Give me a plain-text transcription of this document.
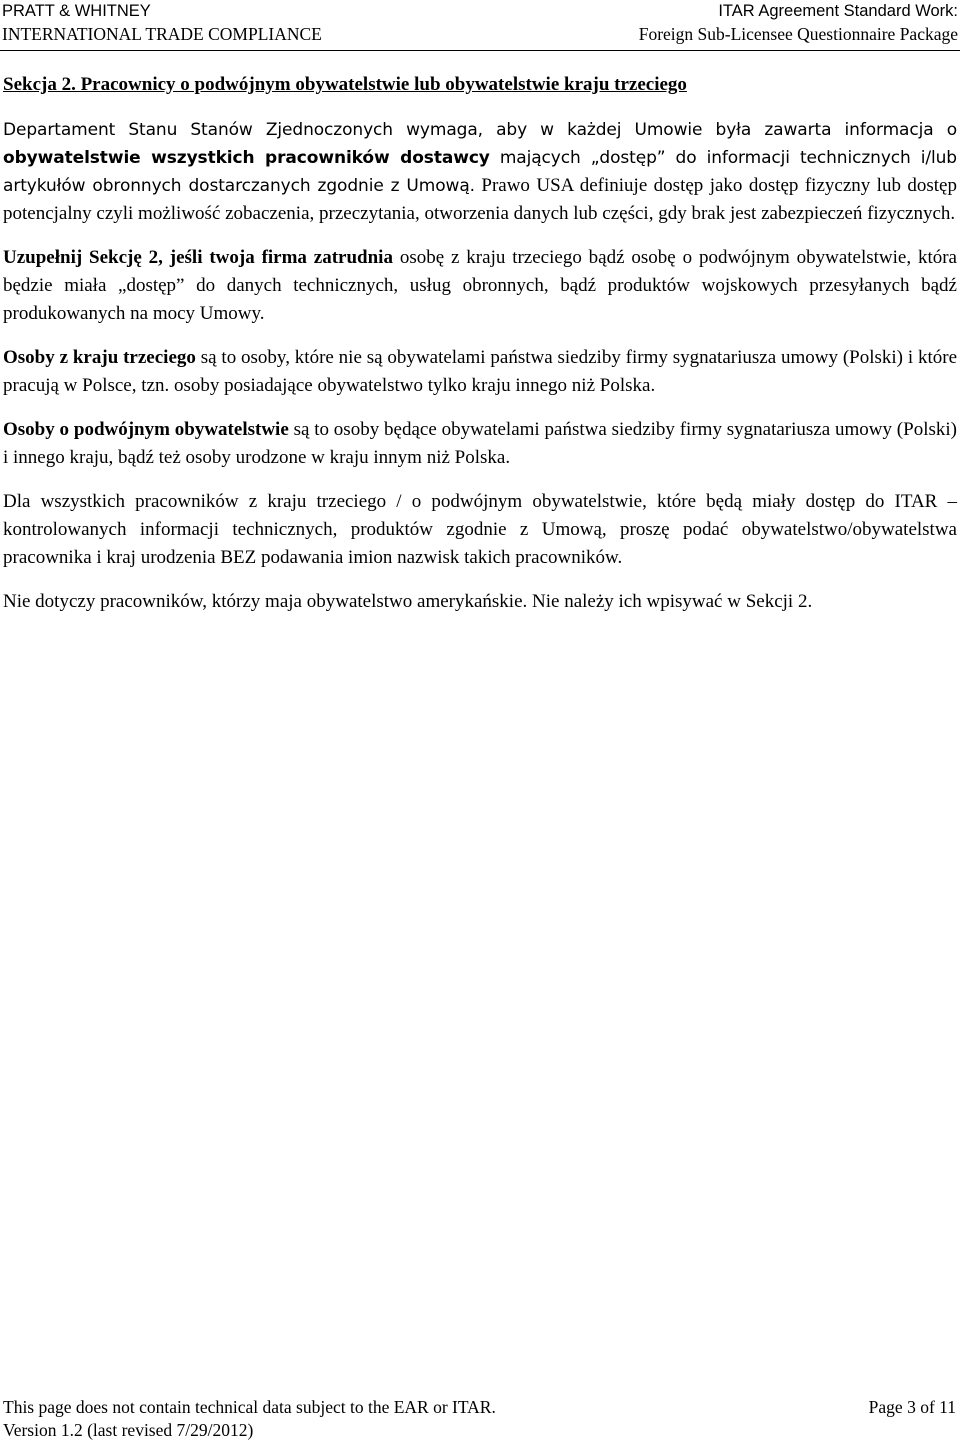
PRATT & WHITNEY
INTERNATIONAL TRADE COMPLIANCE
ITAR Agreement Standard Work:
Foreign Sub-Licensee Questionnaire Package

Sekcja 2. Pracownicy o podwójnym obywatelstwie lub obywatelstwie kraju trzeciego

Departament Stanu Stanów Zjednoczonych wymaga, aby w każdej Umowie była zawarta informacja o obywatelstwie wszystkich pracowników dostawcy mających „dostęp” do informacji technicznych i/lub artykułów obronnych dostarczanych zgodnie z Umową. Prawo USA definiuje dostęp jako dostęp fizyczny lub dostęp potencjalny czyli możliwość zobaczenia, przeczytania, otworzenia danych lub części, gdy brak jest zabezpieczeń fizycznych.

Uzupełnij Sekcję 2, jeśli twoja firma zatrudnia osobę z kraju trzeciego bądź osobę o podwójnym obywatelstwie, która będzie miała „dostęp” do danych technicznych, usług obronnych, bądź produktów wojskowych przesyłanych bądź produkowanych na mocy Umowy.

Osoby z kraju trzeciego są to osoby, które nie są obywatelami państwa siedziby firmy sygnatariusza umowy (Polski) i które pracują w Polsce, tzn. osoby posiadające obywatelstwo tylko kraju innego niż Polska.

Osoby o podwójnym obywatelstwie są to osoby będące obywatelami państwa siedziby firmy sygnatariusza umowy (Polski) i innego kraju, bądź też osoby urodzone w kraju innym niż Polska.

Dla wszystkich pracowników z kraju trzeciego / o podwójnym obywatelstwie, które będą miały dostęp do ITAR – kontrolowanych informacji technicznych, produktów zgodnie z Umową, proszę podać obywatelstwo/obywatelstwa pracownika i kraj urodzenia BEZ podawania imion nazwisk takich pracowników.

Nie dotyczy pracowników, którzy maja obywatelstwo amerykańskie. Nie należy ich wpisywać w Sekcji 2.

This page does not contain technical data subject to the EAR or ITAR.	Page 3 of 11
Version 1.2 (last revised 7/29/2012)
